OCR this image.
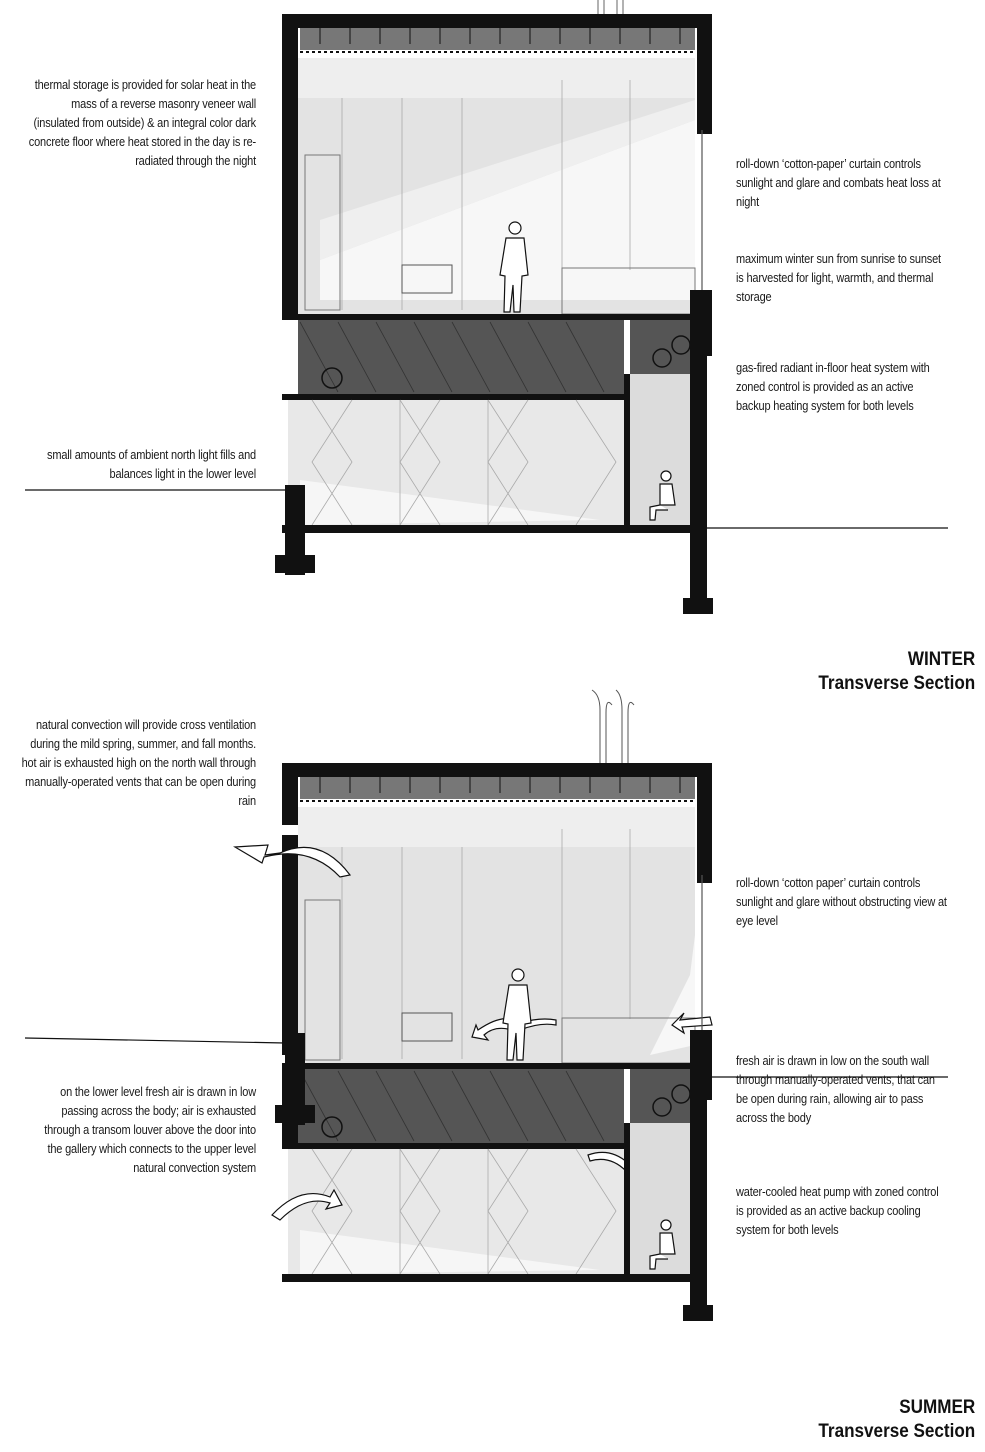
thermal storage is provided for solar heat in the mass of a reverse masonry veneer wall (insulated from outside) & an integral color dark concrete floor where heat stored in the day is re-radiated through the night
small amounts of ambient north light fills and balances light in the lower level
roll-down ‘cotton-paper’ curtain controls sunlight and glare and combats heat loss at night
maximum winter sun from sunrise to sunset is harvested for light, warmth, and thermal storage
gas-fired radiant in-floor heat system with zoned control is provided as an active backup heating system for both levels
WINTER
Transverse Section
natural convection will provide cross ventilation during the mild spring, summer, and fall months. hot air is exhausted high on the north wall through manually-operated vents that can be open during rain
on the lower level fresh air is drawn in low passing across the body; air is exhausted through a transom louver above the door into the gallery which connects to the upper level natural convection system
roll-down ‘cotton paper’ curtain controls sunlight and glare without obstructing view at eye level
fresh air is drawn in low on the south wall through manually-operated vents, that can be open during rain, allowing air to pass across the body
water-cooled heat pump with zoned control is provided as an active backup cooling system for both levels
SUMMER
Transverse Section
